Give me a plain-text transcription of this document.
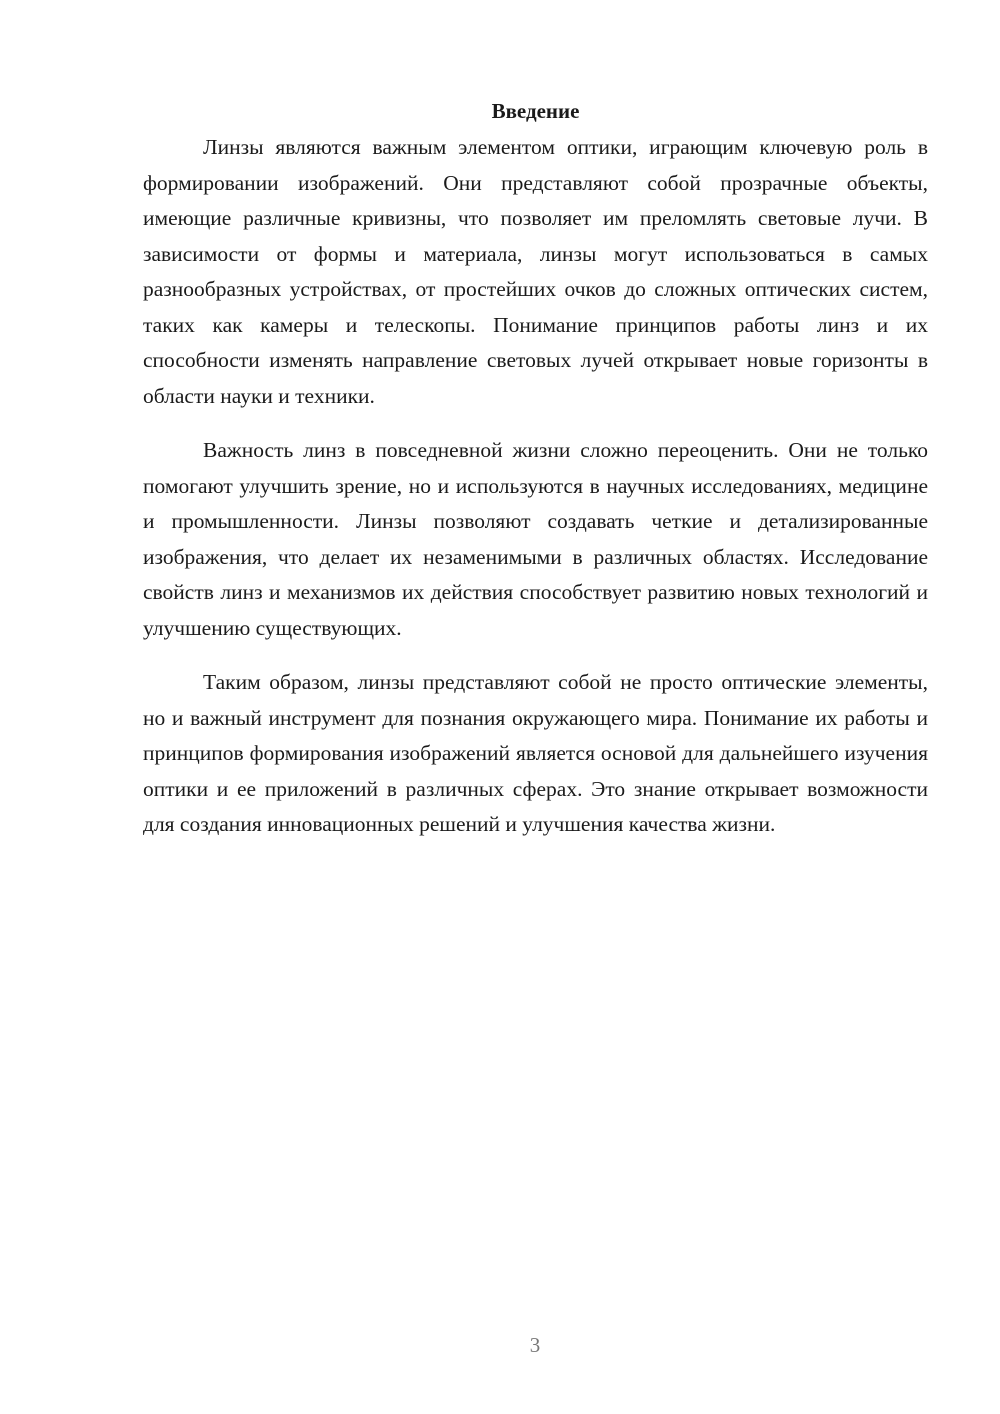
Введение

Линзы являются важным элементом оптики, играющим ключевую роль в формировании изображений. Они представляют собой прозрачные объекты, имеющие различные кривизны, что позволяет им преломлять световые лучи. В зависимости от формы и материала, линзы могут использоваться в самых разнообразных устройствах, от простейших очков до сложных оптических систем, таких как камеры и телескопы. Понимание принципов работы линз и их способности изменять направление световых лучей открывает новые горизонты в области науки и техники.

Важность линз в повседневной жизни сложно переоценить. Они не только помогают улучшить зрение, но и используются в научных исследованиях, медицине и промышленности. Линзы позволяют создавать четкие и детализированные изображения, что делает их незаменимыми в различных областях. Исследование свойств линз и механизмов их действия способствует развитию новых технологий и улучшению существующих.

Таким образом, линзы представляют собой не просто оптические элементы, но и важный инструмент для познания окружающего мира. Понимание их работы и принципов формирования изображений является основой для дальнейшего изучения оптики и ее приложений в различных сферах. Это знание открывает возможности для создания инновационных решений и улучшения качества жизни.

3
